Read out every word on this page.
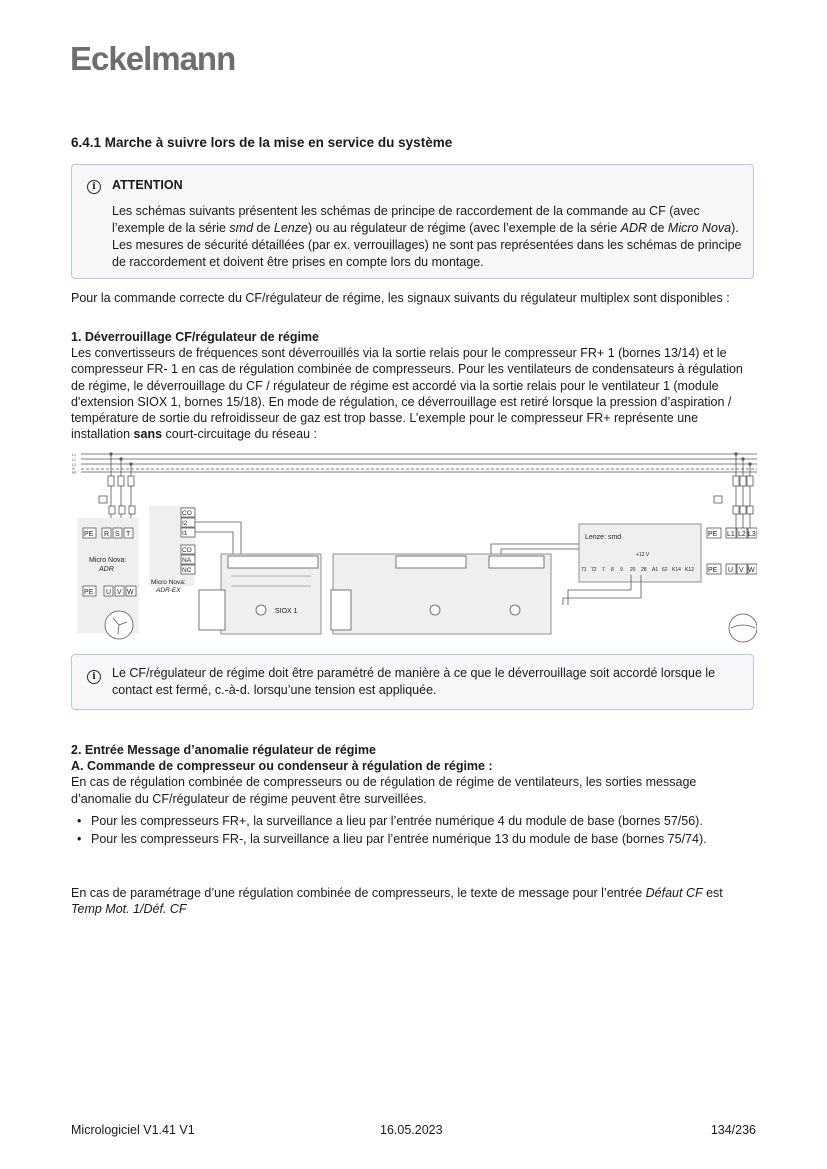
Eckelmann
6.4.1 Marche à suivre lors de la mise en service du système
i	ATTENTION
Les schémas suivants présentent les schémas de principe de raccordement de la commande au CF (avec l’exemple de la série smd de Lenze) ou au régulateur de régime (avec l’exemple de la série ADR de Micro Nova). Les mesures de sécurité détaillées (par ex. verrouillages) ne sont pas représentées dans les schémas de principe de raccordement et doivent être prises en compte lors du montage.
Pour la commande correcte du CF/régulateur de régime, les signaux suivants du régulateur multiplex sont disponibles :
1. Déverrouillage CF/régulateur de régime
Les convertisseurs de fréquences sont déverrouillés via la sortie relais pour le compresseur FR+ 1 (bornes 13/14) et le compresseur FR- 1 en cas de régulation combinée de compresseurs. Pour les ventilateurs de condensateurs à régulation de régime, le déverrouillage du CF / régulateur de régime est accordé via la sortie relais pour le ventilateur 1 (module d'extension SIOX 1, bornes 15/18). En mode de régulation, ce déverrouillage est retiré lorsque la pression d’aspiration / température de sortie du refroidisseur de gaz est trop basse. L’exemple pour le compresseur FR+ représente une installation sans court-circuitage du réseau :
L1
L2
L3
N
PE
PE R S T
Micro Nova:
ADR
PE U V W
CO
I2
I1
CO
NA
NC
Micro Nova:
ADR-EX
SIOX 1
Lenze: smd
+12 V
71 72 7 8 9 20 28 A1 62 K14 K12
PE L1 L2 L3
PE U V W
i	Le CF/régulateur de régime doit être paramétré de manière à ce que le déverrouillage soit accordé lorsque le contact est fermé, c.-à-d. lorsqu’une tension est appliquée.
2. Entrée Message d’anomalie régulateur de régime
A. Commande de compresseur ou condenseur à régulation de régime :
En cas de régulation combinée de compresseurs ou de régulation de régime de ventilateurs, les sorties message d’anomalie du CF/régulateur de régime peuvent être surveillées.
• Pour les compresseurs FR+, la surveillance a lieu par l’entrée numérique 4 du module de base (bornes 57/56).
• Pour les compresseurs FR-, la surveillance a lieu par l’entrée numérique 13 du module de base (bornes 75/74).
En cas de paramétrage d’une régulation combinée de compresseurs, le texte de message pour l’entrée Défaut CF est Temp Mot. 1/Déf. CF
Micrologiciel V1.41 V1	16.05.2023	134/236
